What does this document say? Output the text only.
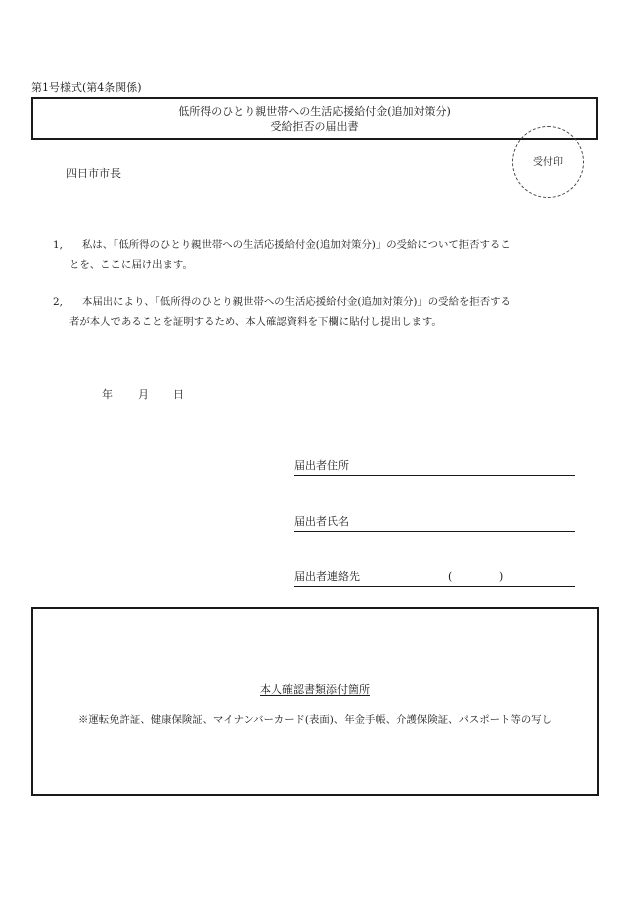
第1号様式(第4条関係)
低所得のひとり親世帯への生活応援給付金(追加対策分)
受給拒否の届出書
受付印
四日市市長
1, 私は、「低所得のひとり親世帯への生活応援給付金(追加対策分)」の受給について拒否するこ
とを、ここに届け出ます。
2, 本届出により、「低所得のひとり親世帯への生活応援給付金(追加対策分)」の受給を拒否する
者が本人であることを証明するため、本人確認資料を下欄に貼付し提出します。
年 月 日
届出者住所
届出者氏名
届出者連絡先	(	)
本人確認書類添付箇所
※運転免許証、健康保険証、マイナンバーカード(表面)、年金手帳、介護保険証、パスポート等の写し
